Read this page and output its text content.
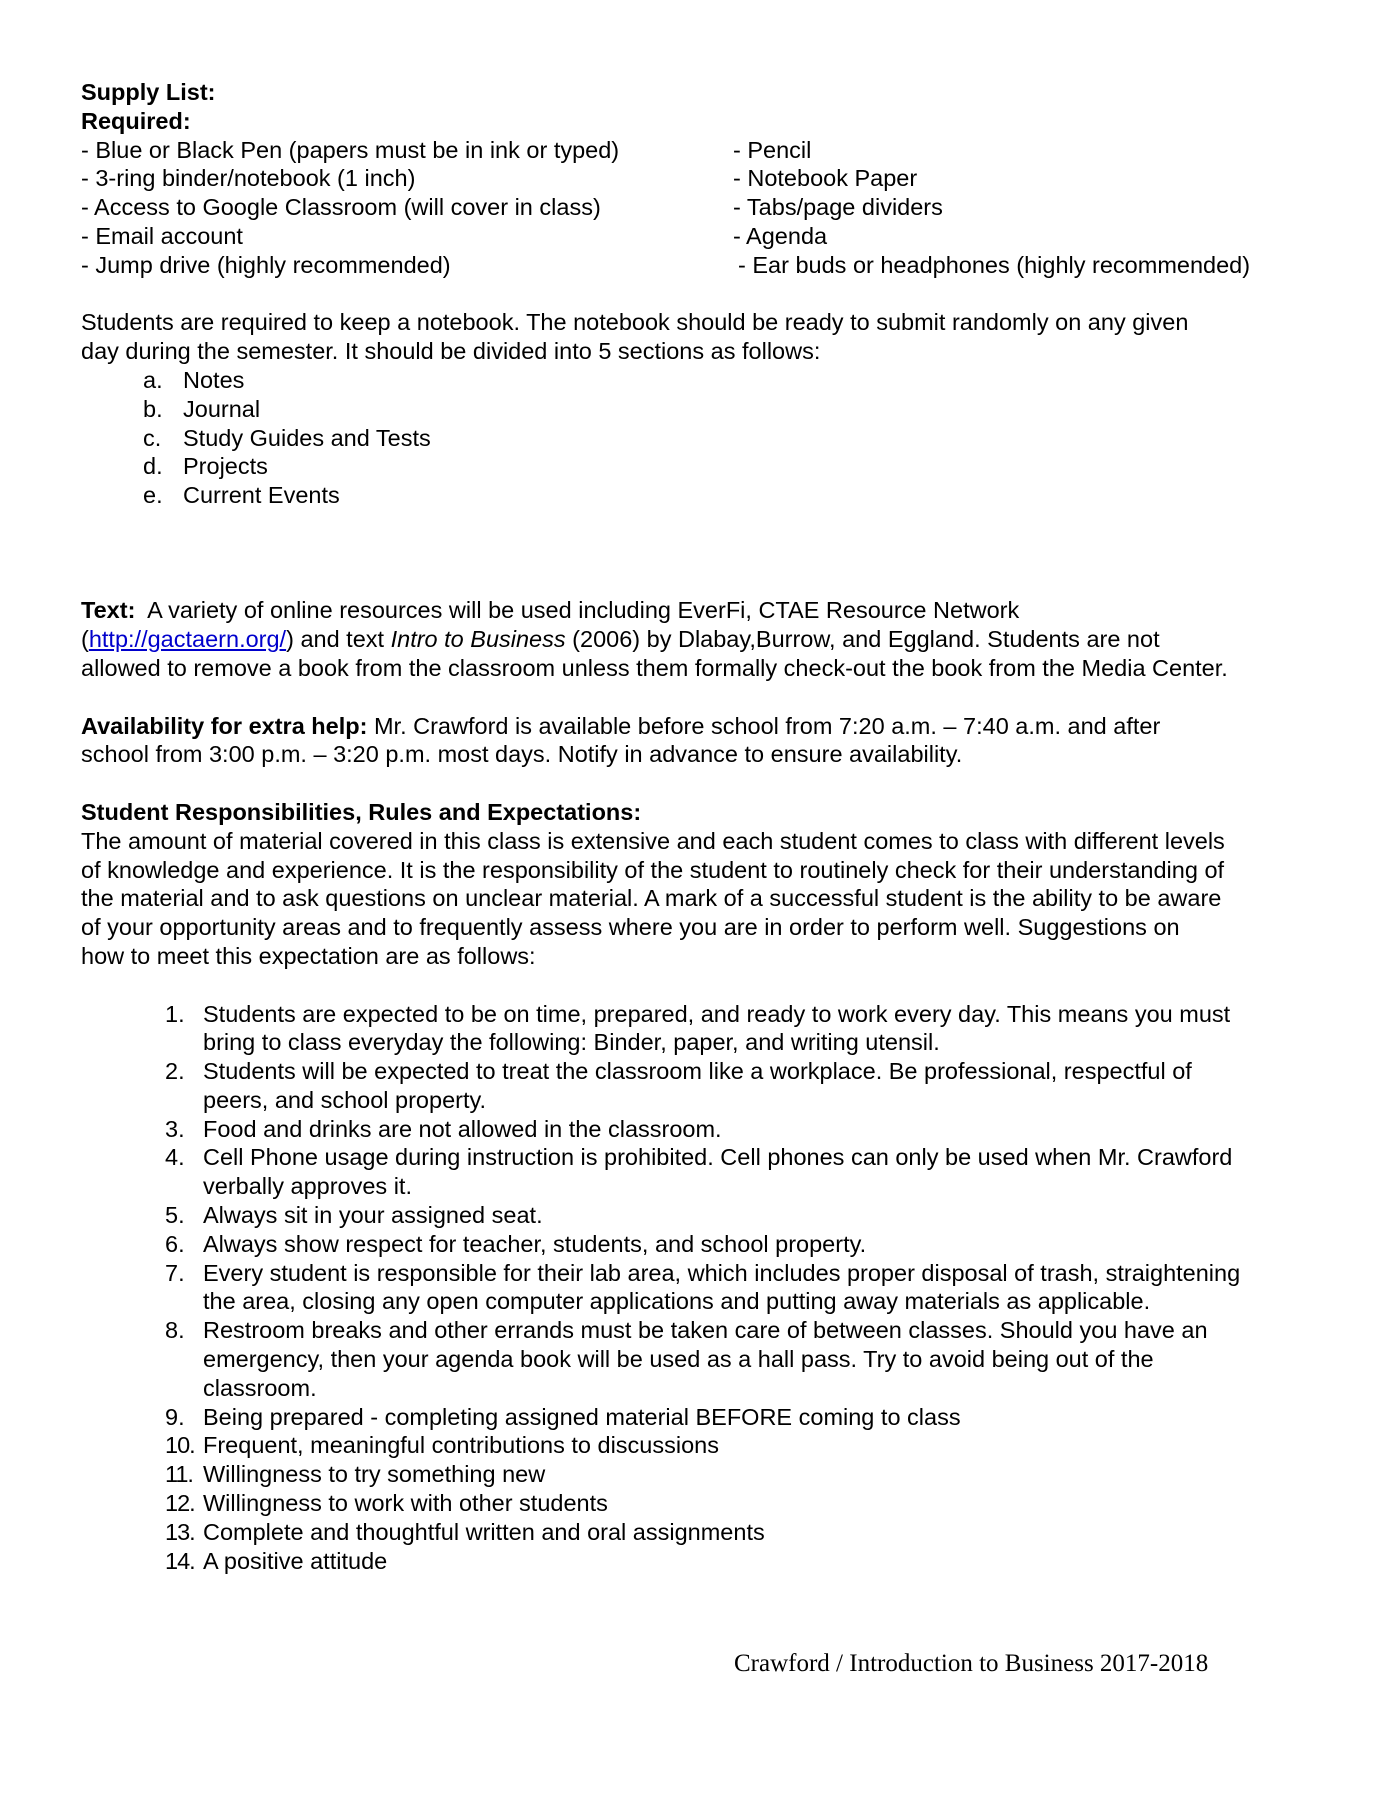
Supply List:
Required:
- Blue or Black Pen (papers must be in ink or typed)	- Pencil
- 3-ring binder/notebook (1 inch)	- Notebook Paper
- Access to Google Classroom (will cover in class)	- Tabs/page dividers
- Email account	- Agenda
- Jump drive (highly recommended)	- Ear buds or headphones (highly recommended)
Students are required to keep a notebook. The notebook should be ready to submit randomly on any given
day during the semester. It should be divided into 5 sections as follows:
a. Notes
b. Journal
c. Study Guides and Tests
d. Projects
e. Current Events
Text:  A variety of online resources will be used including EverFi, CTAE Resource Network
(http://gactaern.org/) and text Intro to Business (2006) by Dlabay,Burrow, and Eggland. Students are not
allowed to remove a book from the classroom unless them formally check-out the book from the Media Center.
Availability for extra help: Mr. Crawford is available before school from 7:20 a.m. – 7:40 a.m. and after
school from 3:00 p.m. – 3:20 p.m. most days. Notify in advance to ensure availability.
Student Responsibilities, Rules and Expectations:
The amount of material covered in this class is extensive and each student comes to class with different levels
of knowledge and experience. It is the responsibility of the student to routinely check for their understanding of
the material and to ask questions on unclear material. A mark of a successful student is the ability to be aware
of your opportunity areas and to frequently assess where you are in order to perform well. Suggestions on
how to meet this expectation are as follows:
1. Students are expected to be on time, prepared, and ready to work every day. This means you must
bring to class everyday the following: Binder, paper, and writing utensil.
2. Students will be expected to treat the classroom like a workplace. Be professional, respectful of
peers, and school property.
3. Food and drinks are not allowed in the classroom.
4. Cell Phone usage during instruction is prohibited. Cell phones can only be used when Mr. Crawford
verbally approves it.
5. Always sit in your assigned seat.
6. Always show respect for teacher, students, and school property.
7. Every student is responsible for their lab area, which includes proper disposal of trash, straightening
the area, closing any open computer applications and putting away materials as applicable.
8. Restroom breaks and other errands must be taken care of between classes. Should you have an
emergency, then your agenda book will be used as a hall pass. Try to avoid being out of the
classroom.
9. Being prepared - completing assigned material BEFORE coming to class
10. Frequent, meaningful contributions to discussions
11. Willingness to try something new
12. Willingness to work with other students
13. Complete and thoughtful written and oral assignments
14. A positive attitude
Crawford / Introduction to Business 2017-2018
